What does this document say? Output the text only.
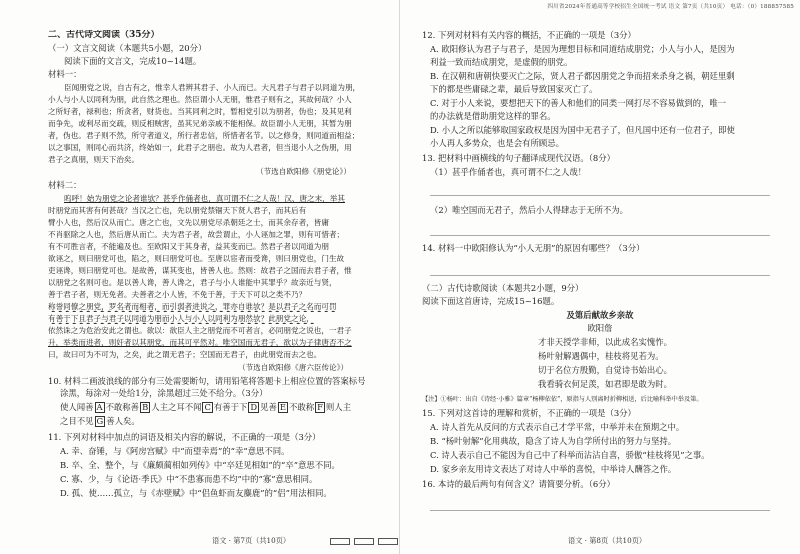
四川省2024年普通高等学校招生全国统一考试 语文 第7页（共10页） 电话：（0）188857585
二、古代诗文阅读（35分）
（一）文言文阅读（本题共5小题，20分）
阅读下面的文言文，完成10~14题。
材料一：
臣闻朋党之说，自古有之，惟幸人君辨其君子、小人而已。大凡君子与君子以同道为朋，
小人与小人以同利为朋，此自然之理也。然臣谓小人无朋，惟君子则有之，其故何哉？小人
之所好者，禄利也；所贪者，财货也。当其同利之时，暂相党引以为朋者，伪也；及其见利
而争先，或利尽而交疏，则反相贼害，虽其兄弟亲戚不能相保。故臣谓小人无朋，其暂为朋
者，伪也。君子则不然，所守者道义，所行者忠信，所惜者名节。以之修身，则同道而相益；
以之事国，则同心而共济，终始如一，此君子之朋也。故为人君者，但当退小人之伪朋，用
君子之真朋，则天下治矣。
（节选自欧阳修《朋党论》）
材料二：
呜呼！始为朋党之论者谁欤？甚乎作俑者也，真可谓不仁之人哉！汉、唐之末，举其
时朋党而其害有何甚哉？当汉之亡也，先以朋党禁锢天下贤人君子，而其后有
臂小人也，然后汉从而亡。唐之亡也，文先以朋党尽杀朝廷之士，而其余存者，皆庸
不肖驱除之人也，然后唐从而亡。夫为君子者，故尝谓止，小人诬加之罪，则有可惜者；
有不可胜言者，不能遍及也。至欧阳又于其身者，益其变而已。然君子者以同道为朋
欲诬之，则曰朋党可也，陷之，则曰朋党可也。至唐以宦者而受谗，则曰朋党也，门生故
吏诬谗，则曰朋党可也。是故善，谋其变也，皆善人也。然则：故君子之国而去君子者，惟
以朋党之名则可也。是以善人谗，善人谗之，君子与小人谁能中其罪乎？故亲近与贤，
善于君子者，则无免者。夫善者之小人皆，不免于善，于天下可以之类不乃？
称誉同僚之朋党，罗名者而相者，而引弱者进说之，罪亦自谁欤？是以君子之名而可罚
有善于下且君子与君子以同道为朋而小人与小人以同利为朋然欤？此朋党之论，
依然诛之为危治安此之谓也。欲以：欲臣人主之朋党而不可者言，必同朋党之说也，一君子
升，举类而进者，则奸者以其朋党，而其可平然对。唯空国而无君子，欲以为子律唐否不之
曰，故曰可为不可为，之矣，此之谓无君子；空国而无君子，由此朋党而去之也。
（节选自欧阳修《唐六臣传论》）
10. 材料二画波浪线的部分有三处需要断句，请用铅笔将答题卡上相应位置的答案标号
涂黑，每涂对一处给1分，涂黑超过三处不给分。（3分）
使人闻善 A 不敢称善 B 人主之耳不闻 C 有善于下 D 见善 E 不敢称 F 则人主
之目不见 G 善人矣。
11. 下列对材料中加点的词语及相关内容的解说，不正确的一项是（3分）
A. 幸、奋锤，与《阿房宫赋》中“而望幸焉”的“幸”意思不同。
B. 卒、全、整个，与《廉颇蔺相如列传》中“卒廷见相如”的“卒”意思不同。
C. 寡、少，与《论语·季氏》中“不患寡而患不均”中的“寡”意思相同。
D. 孤、使……孤立，与《赤壁赋》中“侣鱼虾而友麋鹿”的“侣”用法相同。
语文 · 第7页（共10页）
12. 下列对材料有关内容的概括，不正确的一项是（3分）
A. 欧阳修认为君子与君子，是因为理想目标和同道结成朋党；小人与小人，是因为
利益一致而结成朋党，是虚假的朋党。
B. 在汉朝和唐朝快要灭亡之际，贤人君子都因朋党之争而招来杀身之祸，朝廷里剩
下的都是些庸碌之辈，最后导致国家灭亡了。
C. 对于小人来说，要想把天下的善人和他们的同类一网打尽不容易做到的，唯一
的办法就是借助朋党这样的罪名。
D. 小人之所以能够取国家政权是因为国中无君子了，但凡国中还有一位君子，即使
小人再人多势众，也是会有所顾忌。
13. 把材料中画横线的句子翻译成现代汉语。（8分）
（1）甚乎作俑者也，真可谓不仁之人哉！
（2）唯空国而无君子，然后小人得肆志于无所不为。
14. 材料一中欧阳修认为“小人无朋”的原因有哪些？（3分）
（二）古代诗歌阅读（本题共2小题，9分）
阅读下面这首唐诗，完成15~16题。
及第后献故乡亲故
欧阳詹
才非天授学非师，以此成名实愧怍。
杨叶射解遇偶中，桂枝将见若为。
切于名位方殷勤，自觉诗书始出心。
我看骑衣何足羡，如君即是敢为时。
【注】①杨叶：出自《诗经·小雅》篇章“杨柳依依”，原指与人别离时折柳相送，后比喻科举中举及第。
15. 下列对这首诗的理解和赏析，不正确的一项是（3分）
A. 诗人首先从反问的方式表示自己才学平常，中举并未在预期之中。
B. “杨叶射解”化用典故，隐含了诗人为自学所付出的努力与坚持。
C. 诗人表示自己不能因为自己中了科举而沾沾自喜，骄傲“桂枝将见”之事。
D. 家乡亲友用诗文表达了对诗人中举的喜悦，中举诗人酬答之作。
16. 本诗的最后两句有何含义？请简要分析。（6分）
语文 · 第8页（共10页）
